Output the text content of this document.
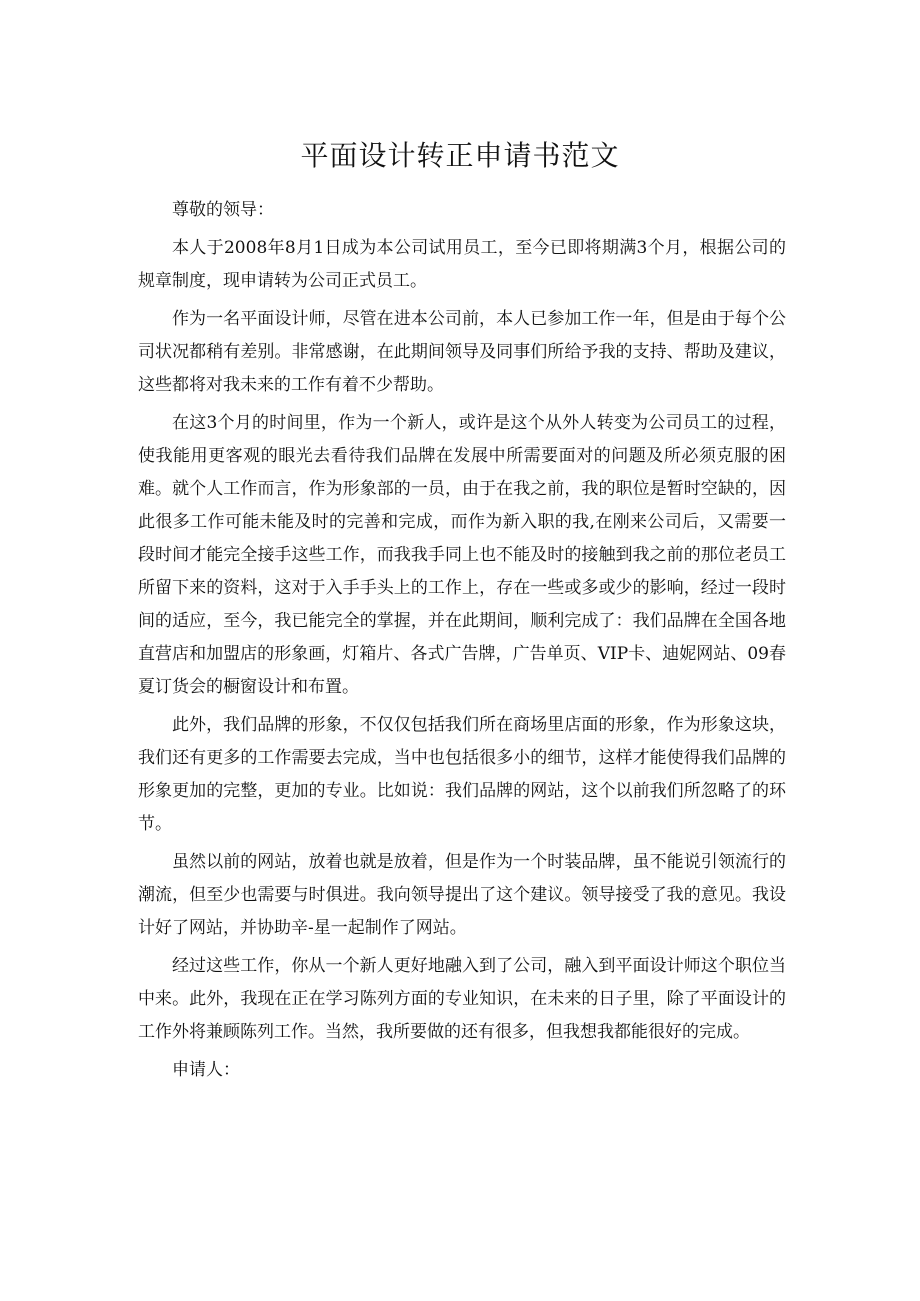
平面设计转正申请书范文

尊敬的领导：

本人于2008年8月1日成为本公司试用员工，至今已即将期满3个月，根据公司的规章制度，现申请转为公司正式员工。

作为一名平面设计师，尽管在进本公司前，本人已参加工作一年，但是由于每个公司状况都稍有差别。非常感谢，在此期间领导及同事们所给予我的支持、帮助及建议，这些都将对我未来的工作有着不少帮助。

在这3个月的时间里，作为一个新人，或许是这个从外人转变为公司员工的过程，使我能用更客观的眼光去看待我们品牌在发展中所需要面对的问题及所必须克服的困难。就个人工作而言，作为形象部的一员，由于在我之前，我的职位是暂时空缺的，因此很多工作可能未能及时的完善和完成，而作为新入职的我,在刚来公司后，又需要一段时间才能完全接手这些工作，而我我手同上也不能及时的接触到我之前的那位老员工所留下来的资料，这对于入手手头上的工作上，存在一些或多或少的影响，经过一段时间的适应，至今，我已能完全的掌握，并在此期间，顺利完成了：我们品牌在全国各地直营店和加盟店的形象画，灯箱片、各式广告牌，广告单页、VIP卡、迪妮网站、09春夏订货会的橱窗设计和布置。

此外，我们品牌的形象，不仅仅包括我们所在商场里店面的形象，作为形象这块，我们还有更多的工作需要去完成，当中也包括很多小的细节，这样才能使得我们品牌的形象更加的完整，更加的专业。比如说：我们品牌的网站，这个以前我们所忽略了的环节。

虽然以前的网站，放着也就是放着，但是作为一个时装品牌，虽不能说引领流行的潮流，但至少也需要与时俱进。我向领导提出了这个建议。领导接受了我的意见。我设计好了网站，并协助辛-星一起制作了网站。

经过这些工作，你从一个新人更好地融入到了公司，融入到平面设计师这个职位当中来。此外，我现在正在学习陈列方面的专业知识，在未来的日子里，除了平面设计的工作外将兼顾陈列工作。当然，我所要做的还有很多，但我想我都能很好的完成。

申请人：
